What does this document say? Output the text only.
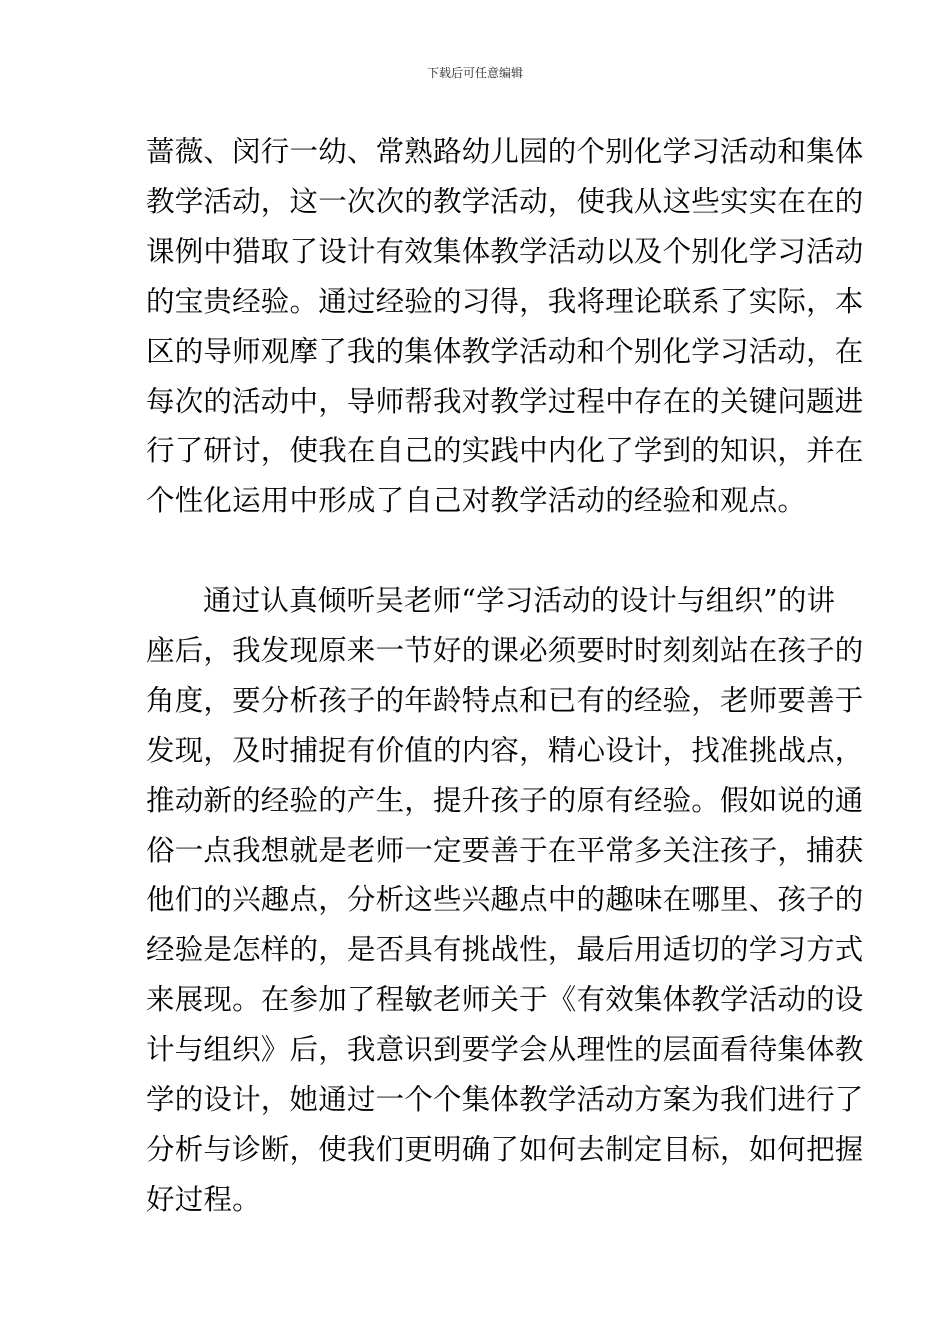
下载后可任意编辑
蔷薇、闵行一幼、常熟路幼儿园的个别化学习活动和集体
教学活动，这一次次的教学活动，使我从这些实实在在的
课例中猎取了设计有效集体教学活动以及个别化学习活动
的宝贵经验。通过经验的习得，我将理论联系了实际，本
区的导师观摩了我的集体教学活动和个别化学习活动，在
每次的活动中，导师帮我对教学过程中存在的关键问题进
行了研讨，使我在自己的实践中内化了学到的知识，并在
个性化运用中形成了自己对教学活动的经验和观点。
通过认真倾听吴老师“学习活动的设计与组织”的讲
座后，我发现原来一节好的课必须要时时刻刻站在孩子的
角度，要分析孩子的年龄特点和已有的经验，老师要善于
发现，及时捕捉有价值的内容，精心设计，找准挑战点，
推动新的经验的产生，提升孩子的原有经验。假如说的通
俗一点我想就是老师一定要善于在平常多关注孩子，捕获
他们的兴趣点，分析这些兴趣点中的趣味在哪里、孩子的
经验是怎样的，是否具有挑战性，最后用适切的学习方式
来展现。在参加了程敏老师关于《有效集体教学活动的设
计与组织》后，我意识到要学会从理性的层面看待集体教
学的设计，她通过一个个集体教学活动方案为我们进行了
分析与诊断，使我们更明确了如何去制定目标，如何把握
好过程。
